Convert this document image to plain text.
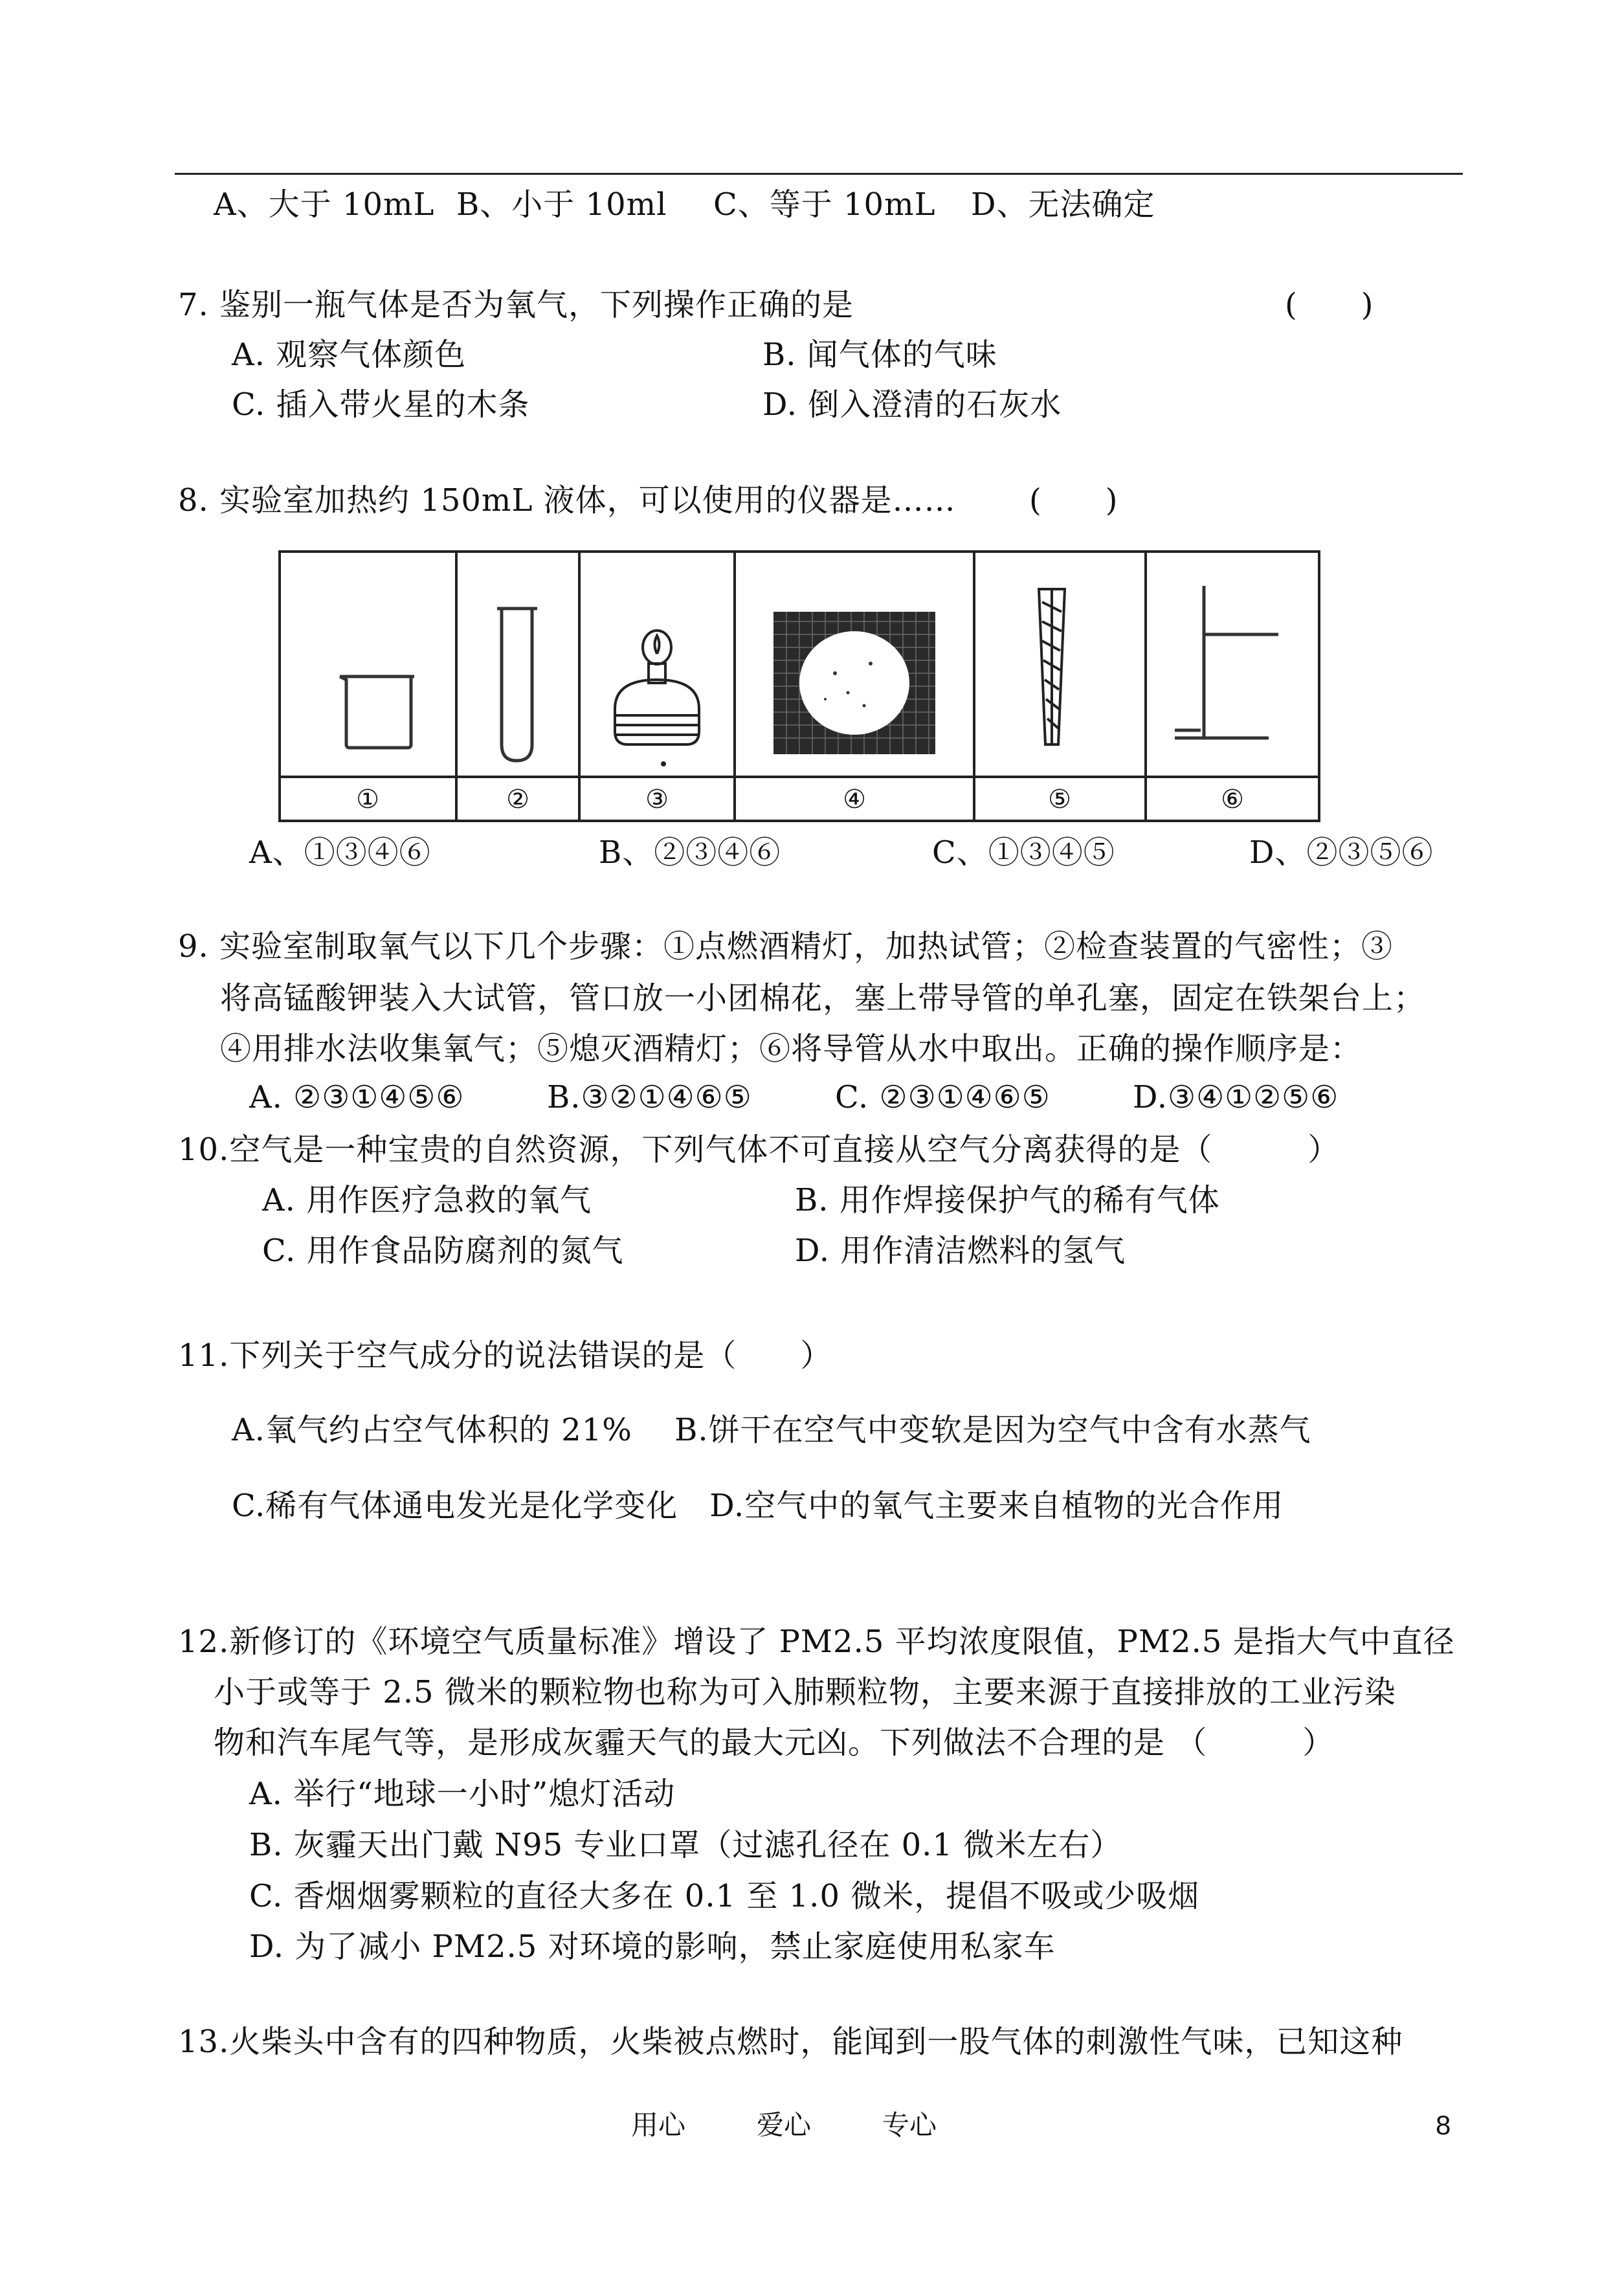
A、大于 10mL B、小于 10ml C、等于 10mL D、无法确定
7. 鉴别一瓶气体是否为氧气，下列操作正确的是	(　　)
A. 观察气体颜色	B. 闻气体的气味
C. 插入带火星的木条	D. 倒入澄清的石灰水
8. 实验室加热约 150mL 液体，可以使用的仪器是…… (　　)
①	②	③	④	⑤	⑥
A、①③④⑥	B、②③④⑥	C、①③④⑤	D、②③⑤⑥
9. 实验室制取氧气以下几个步骤：①点燃酒精灯，加热试管；②检查装置的气密性；③
将高锰酸钾装入大试管，管口放一小团棉花，塞上带导管的单孔塞，固定在铁架台上；
④用排水法收集氧气；⑤熄灭酒精灯；⑥将导管从水中取出。正确的操作顺序是：
A. ②③①④⑤⑥	B.③②①④⑥⑤	C. ②③①④⑥⑤	D.③④①②⑤⑥
10.空气是一种宝贵的自然资源，下列气体不可直接从空气分离获得的是（　　　）
A. 用作医疗急救的氧气	B. 用作焊接保护气的稀有气体
C. 用作食品防腐剂的氮气	D. 用作清洁燃料的氢气
11.下列关于空气成分的说法错误的是（　　）
A.氧气约占空气体积的 21%　 B.饼干在空气中变软是因为空气中含有水蒸气
C.稀有气体通电发光是化学变化　D.空气中的氧气主要来自植物的光合作用
12.新修订的《环境空气质量标准》增设了 PM2.5 平均浓度限值，PM2.5 是指大气中直径
小于或等于 2.5 微米的颗粒物也称为可入肺颗粒物，主要来源于直接排放的工业污染
物和汽车尾气等，是形成灰霾天气的最大元凶。下列做法不合理的是 （　　　）
A. 举行“地球一小时”熄灯活动
B. 灰霾天出门戴 N95 专业口罩（过滤孔径在 0.1 微米左右）
C. 香烟烟雾颗粒的直径大多在 0.1 至 1.0 微米，提倡不吸或少吸烟
D. 为了减小 PM2.5 对环境的影响，禁止家庭使用私家车
13.火柴头中含有的四种物质，火柴被点燃时，能闻到一股气体的刺激性气味，已知这种
用心	爱心	专心	8
